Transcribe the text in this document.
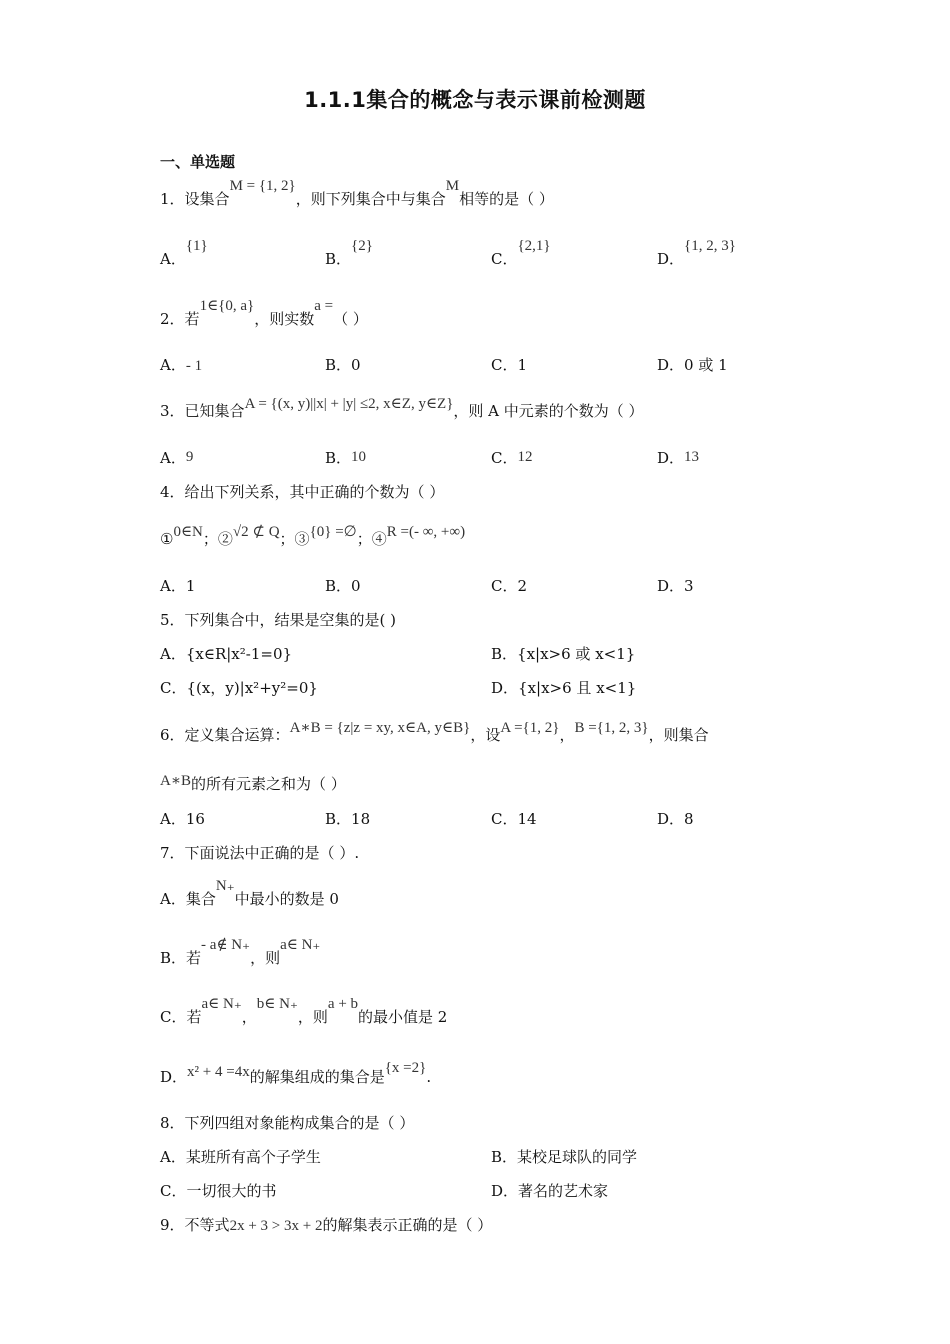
1.1.1集合的概念与表示课前检测题
一、单选题
1．设集合M = {1, 2}，则下列集合中与集合M相等的是（ ）
A．{1}
B．{2}
C．{2,1}
D．{1, 2, 3}
2．若1∈{0, a}，则实数a =（ ）
A．- 1	B．0	C．1	D．0 或 1
3．已知集合A = {(x, y)||x| + |y| ≤2, x∈Z, y∈Z}，则 A 中元素的个数为（ ）
A．9	B．10	C．12	D．13
4．给出下列关系，其中正确的个数为（ ）
①0∈N；②√2 ⊄ Q；③{0} =∅；④R =(- ∞, +∞)
A．1	B．0	C．2	D．3
5．下列集合中，结果是空集的是( )
A．{x∈R|x²-1=0}	B．{x|x>6 或 x<1}
C．{(x，y)|x²+y²=0}	D．{x|x>6 且 x<1}
6．定义集合运算：A∗B = {z|z = xy, x∈A, y∈B}，设A ={1, 2}，B ={1, 2, 3}，则集合
A∗B的所有元素之和为（ ）
A．16	B．18	C．14	D．8
7．下面说法中正确的是（ ）.
A．集合N₊中最小的数是 0
B．若- a∉ N₊，则a∈ N₊
C．若a∈ N₊，b∈ N₊，则a + b的最小值是 2
D．x² + 4 =4x的解集组成的集合是{x =2}.
8．下列四组对象能构成集合的是（ ）
A．某班所有高个子学生	B．某校足球队的同学
C．一切很大的书	D．著名的艺术家
9．不等式2x + 3 > 3x + 2的解集表示正确的是（ ）
